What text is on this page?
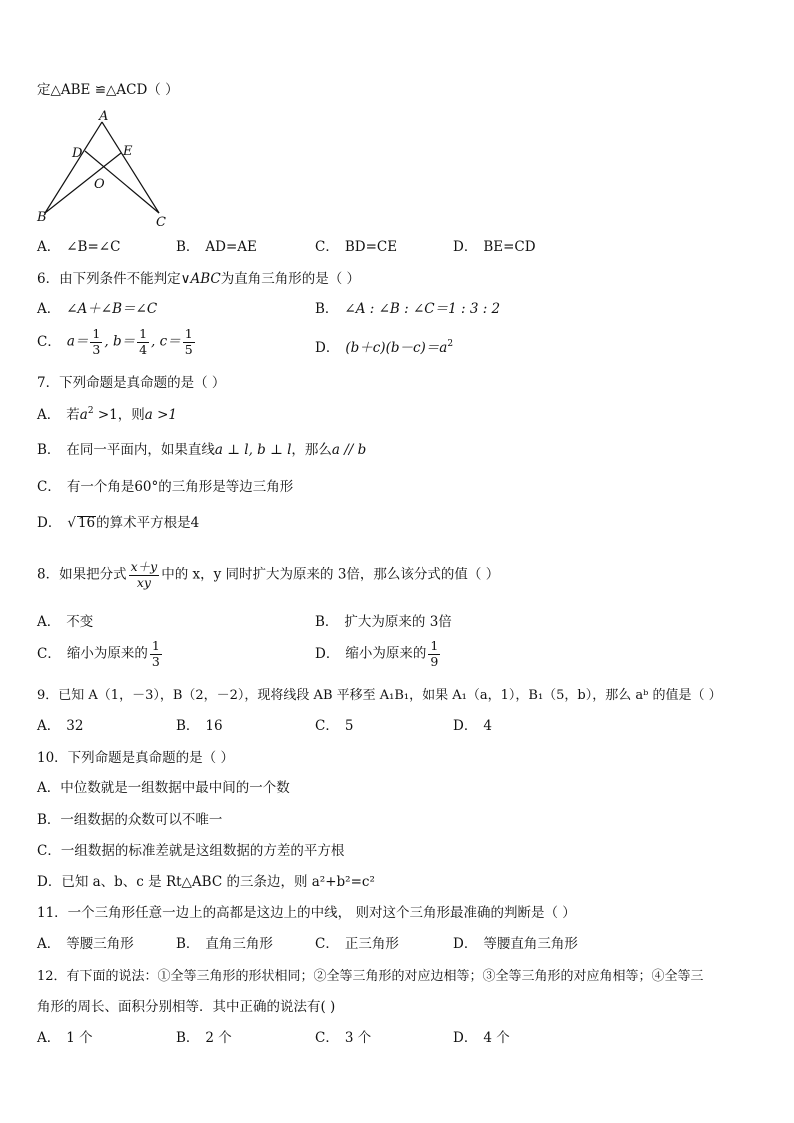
定△ABE ≌△ACD（ ）
A
D	E
O
B	C
A． ∠B=∠C	B． AD=AE	C． BD=CE	D． BE=CD
6．由下列条件不能判定∨ABC为直角三角形的是（ ）
A． ∠A＋∠B＝∠C	B． ∠A : ∠B : ∠C＝1 : 3 : 2
C． $a= \frac{1}{3}$ , $b= \frac{1}{4}$ , $c= \frac{1}{5}$	D． $(b+c)(b-c)=a^2$
7．下列命题是真命题的是（ ）
A． 若$a^2 >1$，则a >1
B． 在同一平面内，如果直线a ⊥ l, b ⊥ l，那么a // b
C． 有一个角是60°的三角形是等边三角形
D． √ 16的算术平方根是4
8．如果把分式 $\frac{x+y}{xy}$ 中的 x，y 同时扩大为原来的 3倍，那么该分式的值（ ）
A． 不变	B． 扩大为原来的 3倍
C． 缩小为原来的 $\frac{1}{3}$	D． 缩小为原来的 $\frac{1}{9}$
9．已知 A（1，－3），B（2，－2），现将线段 AB 平移至 A₁B₁，如果 A₁（a，1），B₁（5，b），那么 aᵇ 的值是（ ）
A． 32	B． 16	C． 5	D． 4
10．下列命题是真命题的是（ ）
A．中位数就是一组数据中最中间的一个数
B．一组数据的众数可以不唯一
C．一组数据的标准差就是这组数据的方差的平方根
D．已知 a、b、c 是 Rt△ABC 的三条边，则 a²+b²=c²
11．一个三角形任意一边上的高都是这边上的中线， 则对这个三角形最准确的判断是（ ）
A． 等腰三角形	B． 直角三角形	C． 正三角形	D． 等腰直角三角形
12．有下面的说法：①全等三角形的形状相同；②全等三角形的对应边相等；③全等三角形的对应角相等；④全等三
角形的周长、面积分别相等．其中正确的说法有( )
A． 1 个	B． 2 个	C． 3 个	D． 4 个
